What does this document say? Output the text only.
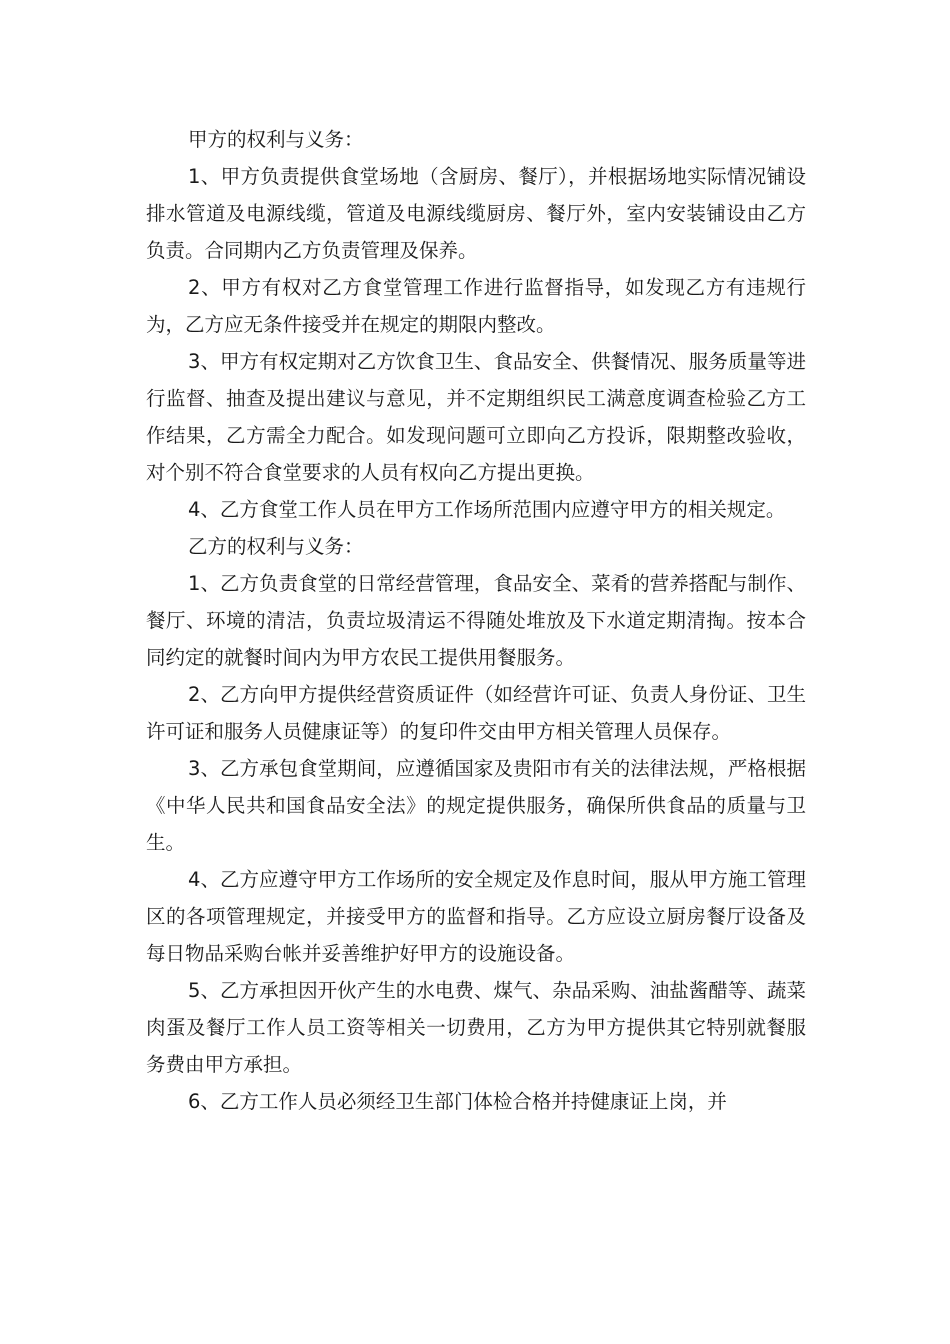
甲方的权利与义务：

1、甲方负责提供食堂场地（含厨房、餐厅），并根据场地实际情况铺设排水管道及电源线缆，管道及电源线缆厨房、餐厅外，室内安装铺设由乙方负责。合同期内乙方负责管理及保养。

2、甲方有权对乙方食堂管理工作进行监督指导，如发现乙方有违规行为，乙方应无条件接受并在规定的期限内整改。

3、甲方有权定期对乙方饮食卫生、食品安全、供餐情况、服务质量等进行监督、抽查及提出建议与意见，并不定期组织民工满意度调查检验乙方工作结果，乙方需全力配合。如发现问题可立即向乙方投诉，限期整改验收，对个别不符合食堂要求的人员有权向乙方提出更换。

4、乙方食堂工作人员在甲方工作场所范围内应遵守甲方的相关规定。

乙方的权利与义务：

1、乙方负责食堂的日常经营管理，食品安全、菜肴的营养搭配与制作、餐厅、环境的清洁，负责垃圾清运不得随处堆放及下水道定期清掏。按本合同约定的就餐时间内为甲方农民工提供用餐服务。

2、乙方向甲方提供经营资质证件（如经营许可证、负责人身份证、卫生许可证和服务人员健康证等）的复印件交由甲方相关管理人员保存。

3、乙方承包食堂期间，应遵循国家及贵阳市有关的法律法规，严格根据《中华人民共和国食品安全法》的规定提供服务，确保所供食品的质量与卫生。

4、乙方应遵守甲方工作场所的安全规定及作息时间，服从甲方施工管理区的各项管理规定，并接受甲方的监督和指导。乙方应设立厨房餐厅设备及每日物品采购台帐并妥善维护好甲方的设施设备。

5、乙方承担因开伙产生的水电费、煤气、杂品采购、油盐酱醋等、蔬菜肉蛋及餐厅工作人员工资等相关一切费用，乙方为甲方提供其它特别就餐服务费由甲方承担。

6、乙方工作人员必须经卫生部门体检合格并持健康证上岗，并
